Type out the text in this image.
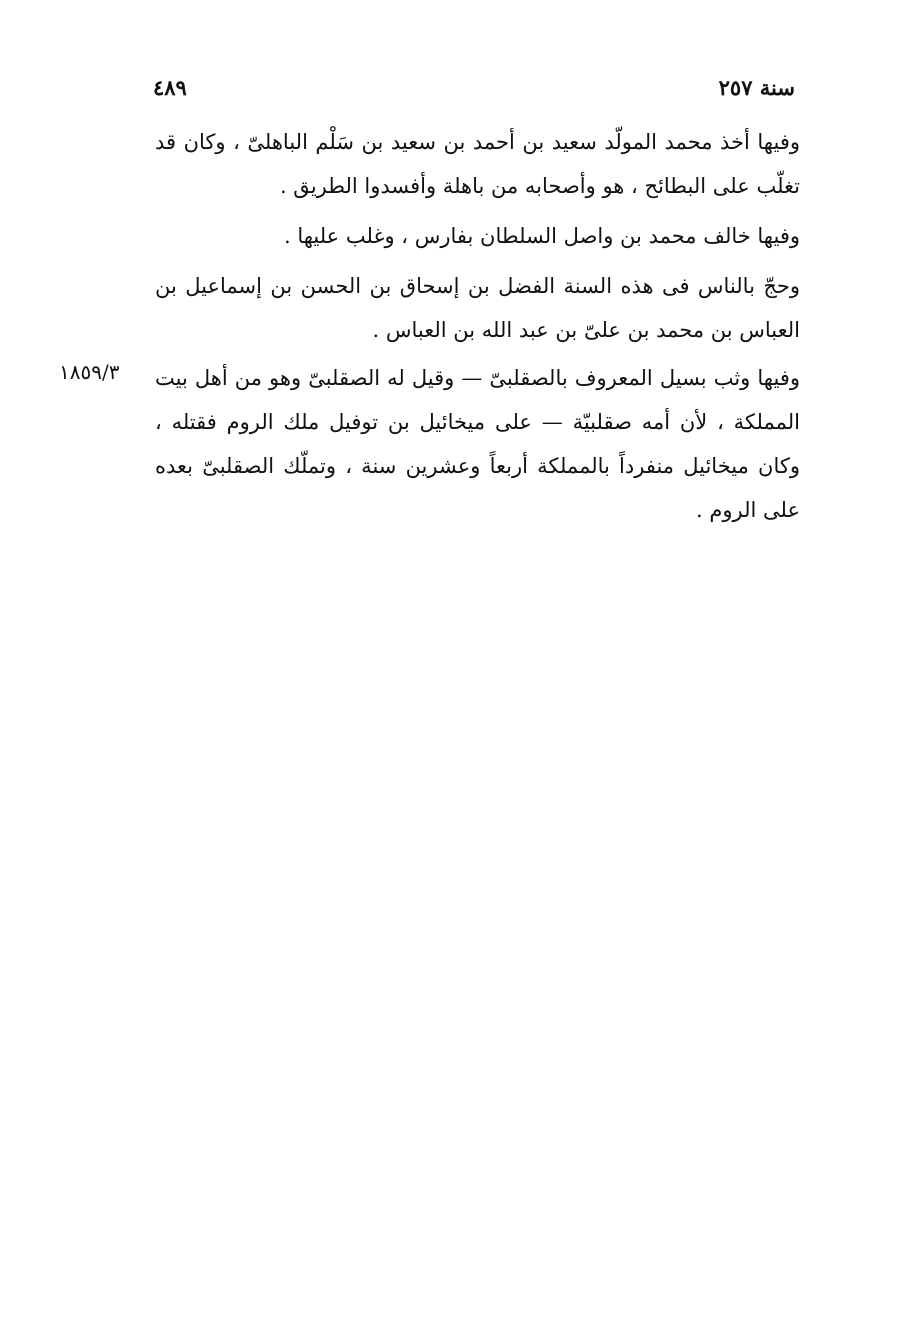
سنة ٢٥٧
٤٨٩

وفيها أخذ محمد المولّد سعيد بن أحمد بن سعيد بن سَلْم الباهلىّ ، وكان قد تغلّب على البطائح ، هو وأصحابه من باهلة وأفسدوا الطريق .

وفيها خالف محمد بن واصل السلطان بفارس ، وغلب عليها .

وحجّ بالناس فى هذه السنة الفضل بن إسحاق بن الحسن بن إسماعيل بن العباس بن محمد بن علىّ بن عبد الله بن العباس .

وفيها وثب بسيل المعروف بالصقلبىّ — وقيل له الصقلبىّ وهو من أهل بيت المملكة ، لأن أمه صقلبيّة — على ميخائيل بن توفيل ملك الروم فقتله ، وكان ميخائيل منفرداً بالمملكة أربعاً وعشرين سنة ، وتملّك الصقلبىّ بعده على الروم .

١٨٥٩/٣
